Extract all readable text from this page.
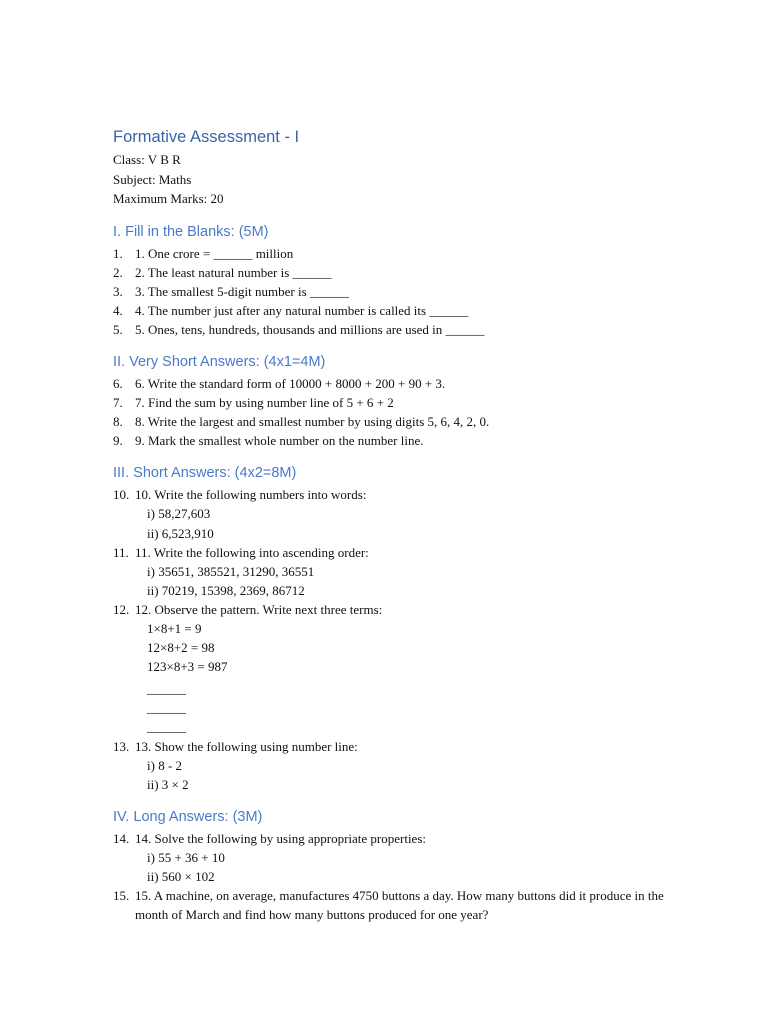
Formative Assessment - I
Class: V B R
Subject: Maths
Maximum Marks: 20
I. Fill in the Blanks: (5M)
1. 1. One crore = ______ million
2. 2. The least natural number is ______
3. 3. The smallest 5-digit number is ______
4. 4. The number just after any natural number is called its ______
5. 5. Ones, tens, hundreds, thousands and millions are used in ______
II. Very Short Answers: (4x1=4M)
6. 6. Write the standard form of 10000 + 8000 + 200 + 90 + 3.
7. 7. Find the sum by using number line of 5 + 6 + 2
8. 8. Write the largest and smallest number by using digits 5, 6, 4, 2, 0.
9. 9. Mark the smallest whole number on the number line.
III. Short Answers: (4x2=8M)
10. 10. Write the following numbers into words:
i) 58,27,603
ii) 6,523,910
11. 11. Write the following into ascending order:
i) 35651, 385521, 31290, 36551
ii) 70219, 15398, 2369, 86712
12. 12. Observe the pattern. Write next three terms:
1×8+1 = 9
12×8+2 = 98
123×8+3 = 987
______
______
______
13. 13. Show the following using number line:
i) 8 - 2
ii) 3 × 2
IV. Long Answers: (3M)
14. 14. Solve the following by using appropriate properties:
i) 55 + 36 + 10
ii) 560 × 102
15. 15. A machine, on average, manufactures 4750 buttons a day. How many buttons did it produce in the month of March and find how many buttons produced for one year?
